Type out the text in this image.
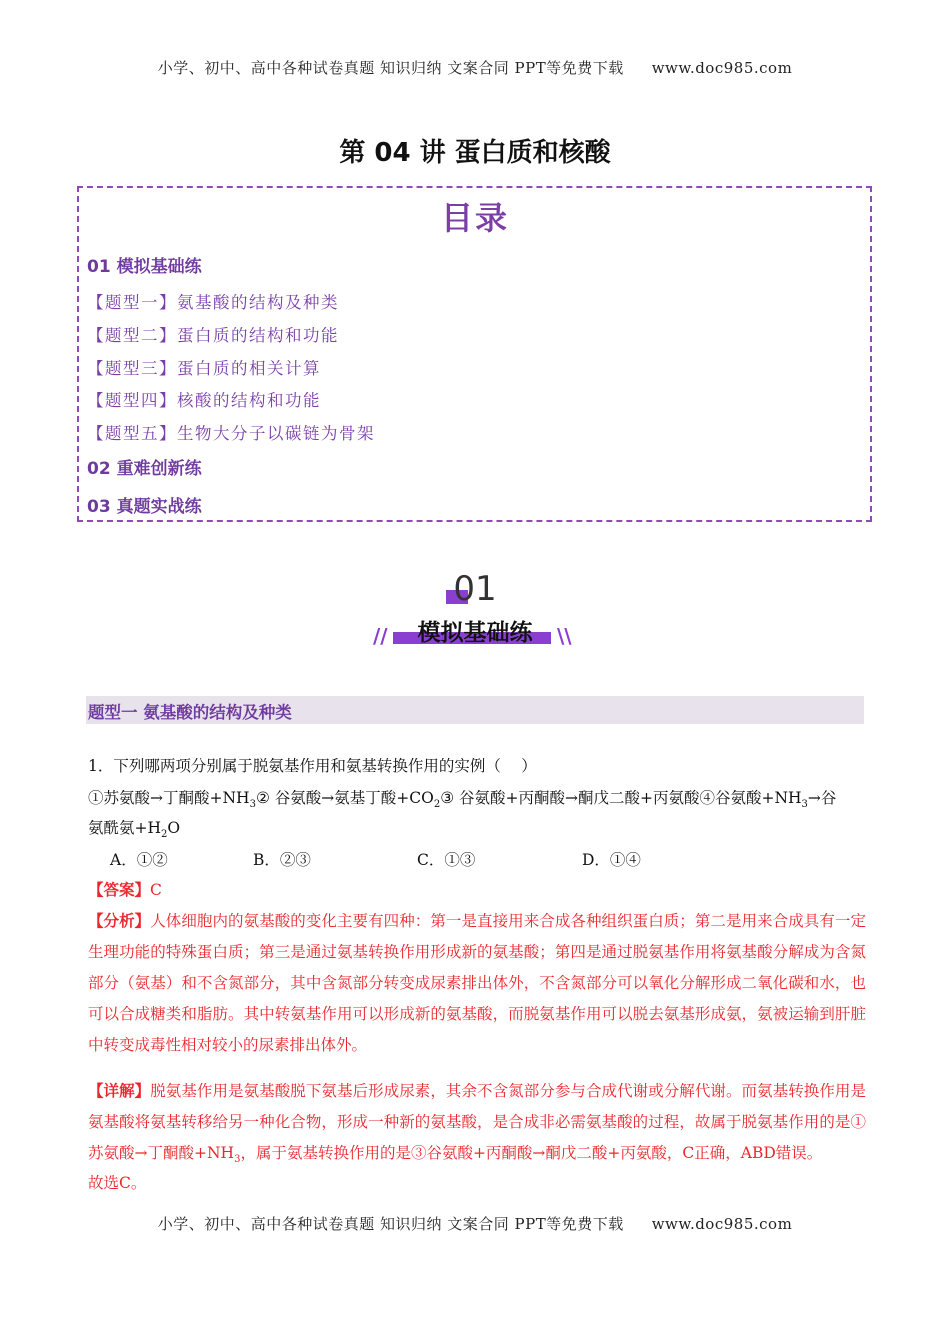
小学、初中、高中各种试卷真题 知识归纳 文案合同 PPT等免费下载 www.doc985.com
第 04 讲 蛋白质和核酸
目录
01 模拟基础练
【题型一】氨基酸的结构及种类
【题型二】蛋白质的结构和功能
【题型三】蛋白质的相关计算
【题型四】核酸的结构和功能
【题型五】生物大分子以碳链为骨架
02 重难创新练
03 真题实战练
01
//	模拟基础练	\\
题型一 氨基酸的结构及种类
1．下列哪两项分别属于脱氨基作用和氨基转换作用的实例（　 ）
①苏氨酸→丁酮酸$+NH_3②$ 谷氨酸→氨基丁酸$+CO_2③$ 谷氨酸+丙酮酸→酮戊二酸+丙氨酸④谷氨酸$+NH_3\to$谷
氨酰氨$+H_2O$
A．①②	B．②③	C．①③	D．①④
【答案】C
【分析】人体细胞内的氨基酸的变化主要有四种：第一是直接用来合成各种组织蛋白质；第二是用来合成具有一定生理功能的特殊蛋白质；第三是通过氨基转换作用形成新的氨基酸；第四是通过脱氨基作用将氨基酸分解成为含氮部分（氨基）和不含氮部分，其中含氮部分转变成尿素排出体外，不含氮部分可以氧化分解形成二氧化碳和水，也可以合成糖类和脂肪。其中转氨基作用可以形成新的氨基酸，而脱氨基作用可以脱去氨基形成氨，氨被运输到肝脏中转变成毒性相对较小的尿素排出体外。
【详解】脱氨基作用是氨基酸脱下氨基后形成尿素，其余不含氮部分参与合成代谢或分解代谢。而氨基转换作用是氨基酸将氨基转移给另一种化合物，形成一种新的氨基酸，是合成非必需氨基酸的过程，故属于脱氨基作用的是①苏氨酸→丁酮酸$+NH_3$，属于氨基转换作用的是③谷氨酸+丙酮酸→酮戊二酸+丙氨酸，C正确，ABD错误。
故选C。
小学、初中、高中各种试卷真题 知识归纳 文案合同 PPT等免费下载 www.doc985.com
